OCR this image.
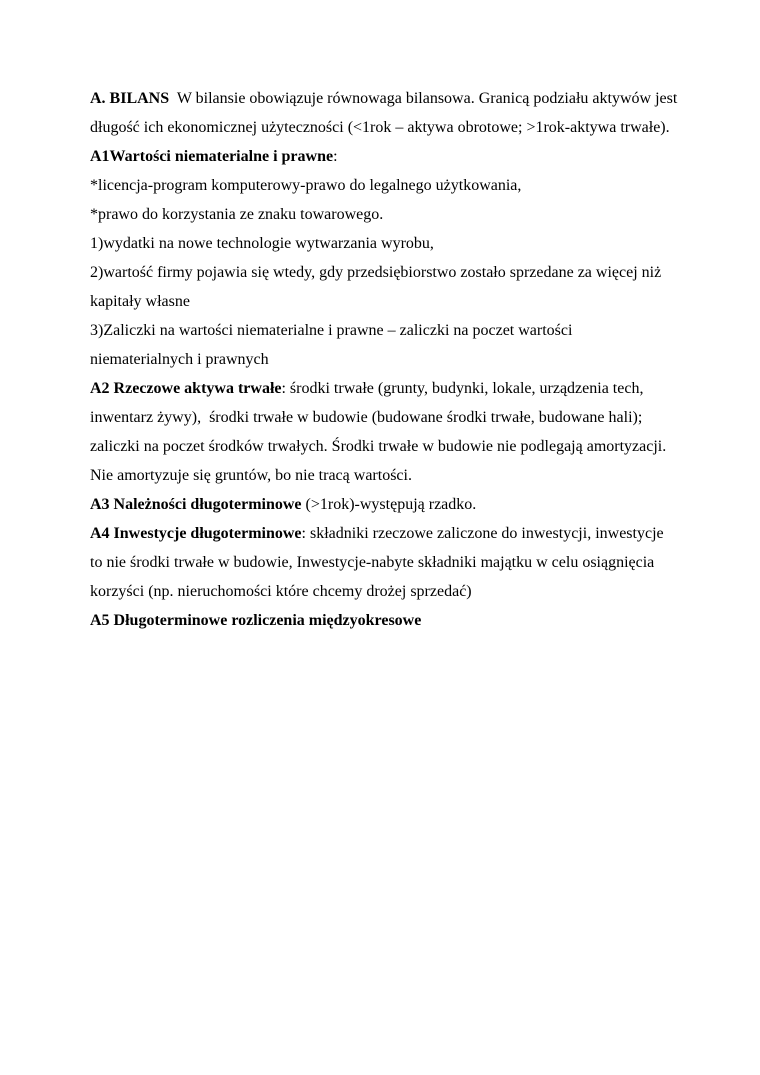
A. BILANS  W bilansie obowiązuje równowaga bilansowa. Granicą podziału aktywów jest długość ich ekonomicznej użyteczności (<1rok – aktywa obrotowe; >1rok-aktywa trwałe).

A1Wartości niematerialne i prawne:

*licencja-program komputerowy-prawo do legalnego użytkowania,

*prawo do korzystania ze znaku towarowego.

1)wydatki na nowe technologie wytwarzania wyrobu,

2)wartość firmy pojawia się wtedy, gdy przedsiębiorstwo zostało sprzedane za więcej niż kapitały własne

3)Zaliczki na wartości niematerialne i prawne – zaliczki na poczet wartości niematerialnych i prawnych

A2 Rzeczowe aktywa trwałe: środki trwałe (grunty, budynki, lokale, urządzenia tech, inwentarz żywy),  środki trwałe w budowie (budowane środki trwałe, budowane hali); zaliczki na poczet środków trwałych. Środki trwałe w budowie nie podlegają amortyzacji. Nie amortyzuje się gruntów, bo nie tracą wartości.

A3 Należności długoterminowe (>1rok)-występują rzadko.

A4 Inwestycje długoterminowe: składniki rzeczowe zaliczone do inwestycji, inwestycje to nie środki trwałe w budowie, Inwestycje-nabyte składniki majątku w celu osiągnięcia korzyści (np. nieruchomości które chcemy drożej sprzedać)

A5 Długoterminowe rozliczenia międzyokresowe
